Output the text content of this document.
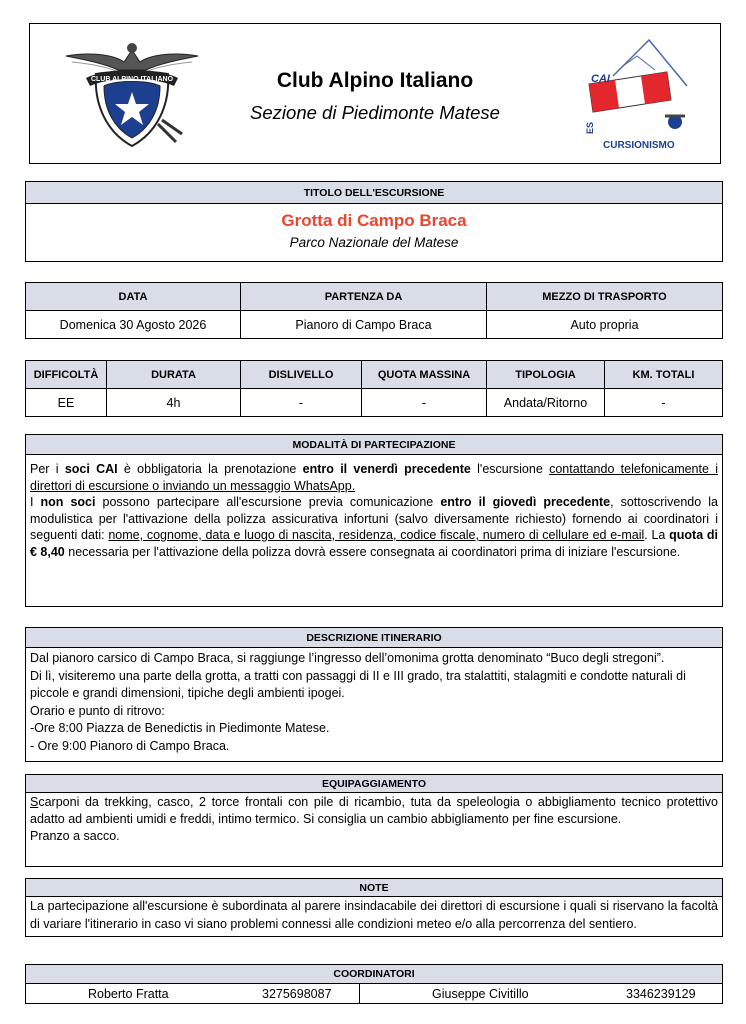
CLUB ALPINO ITALIANO	Club Alpino Italiano
Sezione di Piedimonte Matese
CAI
ES
CURSIONISMO
TITOLO DELL'ESCURSIONE
Grotta di Campo Braca
Parco Nazionale del Matese
DATA	PARTENZA DA	MEZZO DI TRASPORTO
Domenica 30 Agosto 2026	Pianoro di Campo Braca	Auto propria
DIFFICOLTÀ	DURATA	DISLIVELLO	QUOTA MASSINA	TIPOLOGIA	KM. TOTALI
EE	4h	-	-	Andata/Ritorno	-
MODALITÀ DI PARTECIPAZIONE
Per i soci CAI è obbligatoria la prenotazione entro il venerdì precedente l'escursione contattando telefonicamente i direttori di escursione o inviando un messaggio WhatsApp.
I non soci possono partecipare all'escursione previa comunicazione entro il giovedì precedente, sottoscrivendo la modulistica per l'attivazione della polizza assicurativa infortuni (salvo diversamente richiesto) fornendo ai coordinatori i seguenti dati: nome, cognome, data e luogo di nascita, residenza, codice fiscale, numero di cellulare ed e-mail. La quota di € 8,40 necessaria per l'attivazione della polizza dovrà essere consegnata ai coordinatori prima di iniziare l'escursione.
DESCRIZIONE ITINERARIO
Dal pianoro carsico di Campo Braca, si raggiunge l’ingresso dell’omonima grotta denominato “Buco degli stregoni”.
Di lì, visiteremo una parte della grotta, a tratti con passaggi di II e III grado, tra stalattiti, stalagmiti e condotte naturali di piccole e grandi dimensioni, tipiche degli ambienti ipogei.
Orario e punto di ritrovo:
-Ore 8:00 Piazza de Benedictis in Piedimonte Matese.
- Ore 9:00 Pianoro di Campo Braca.
EQUIPAGGIAMENTO
Scarponi da trekking, casco, 2 torce frontali con pile di ricambio, tuta da speleologia o abbigliamento tecnico protettivo adatto ad ambienti umidi e freddi, intimo termico. Si consiglia un cambio abbigliamento per fine escursione.
Pranzo a sacco.
NOTE
La partecipazione all'escursione è subordinata al parere insindacabile dei direttori di escursione i quali si riservano la facoltà di variare l'itinerario in caso vi siano problemi connessi alle condizioni meteo e/o alla percorrenza del sentiero.
COORDINATORI
Roberto Fratta	3275698087	Giuseppe Civitillo	3346239129
